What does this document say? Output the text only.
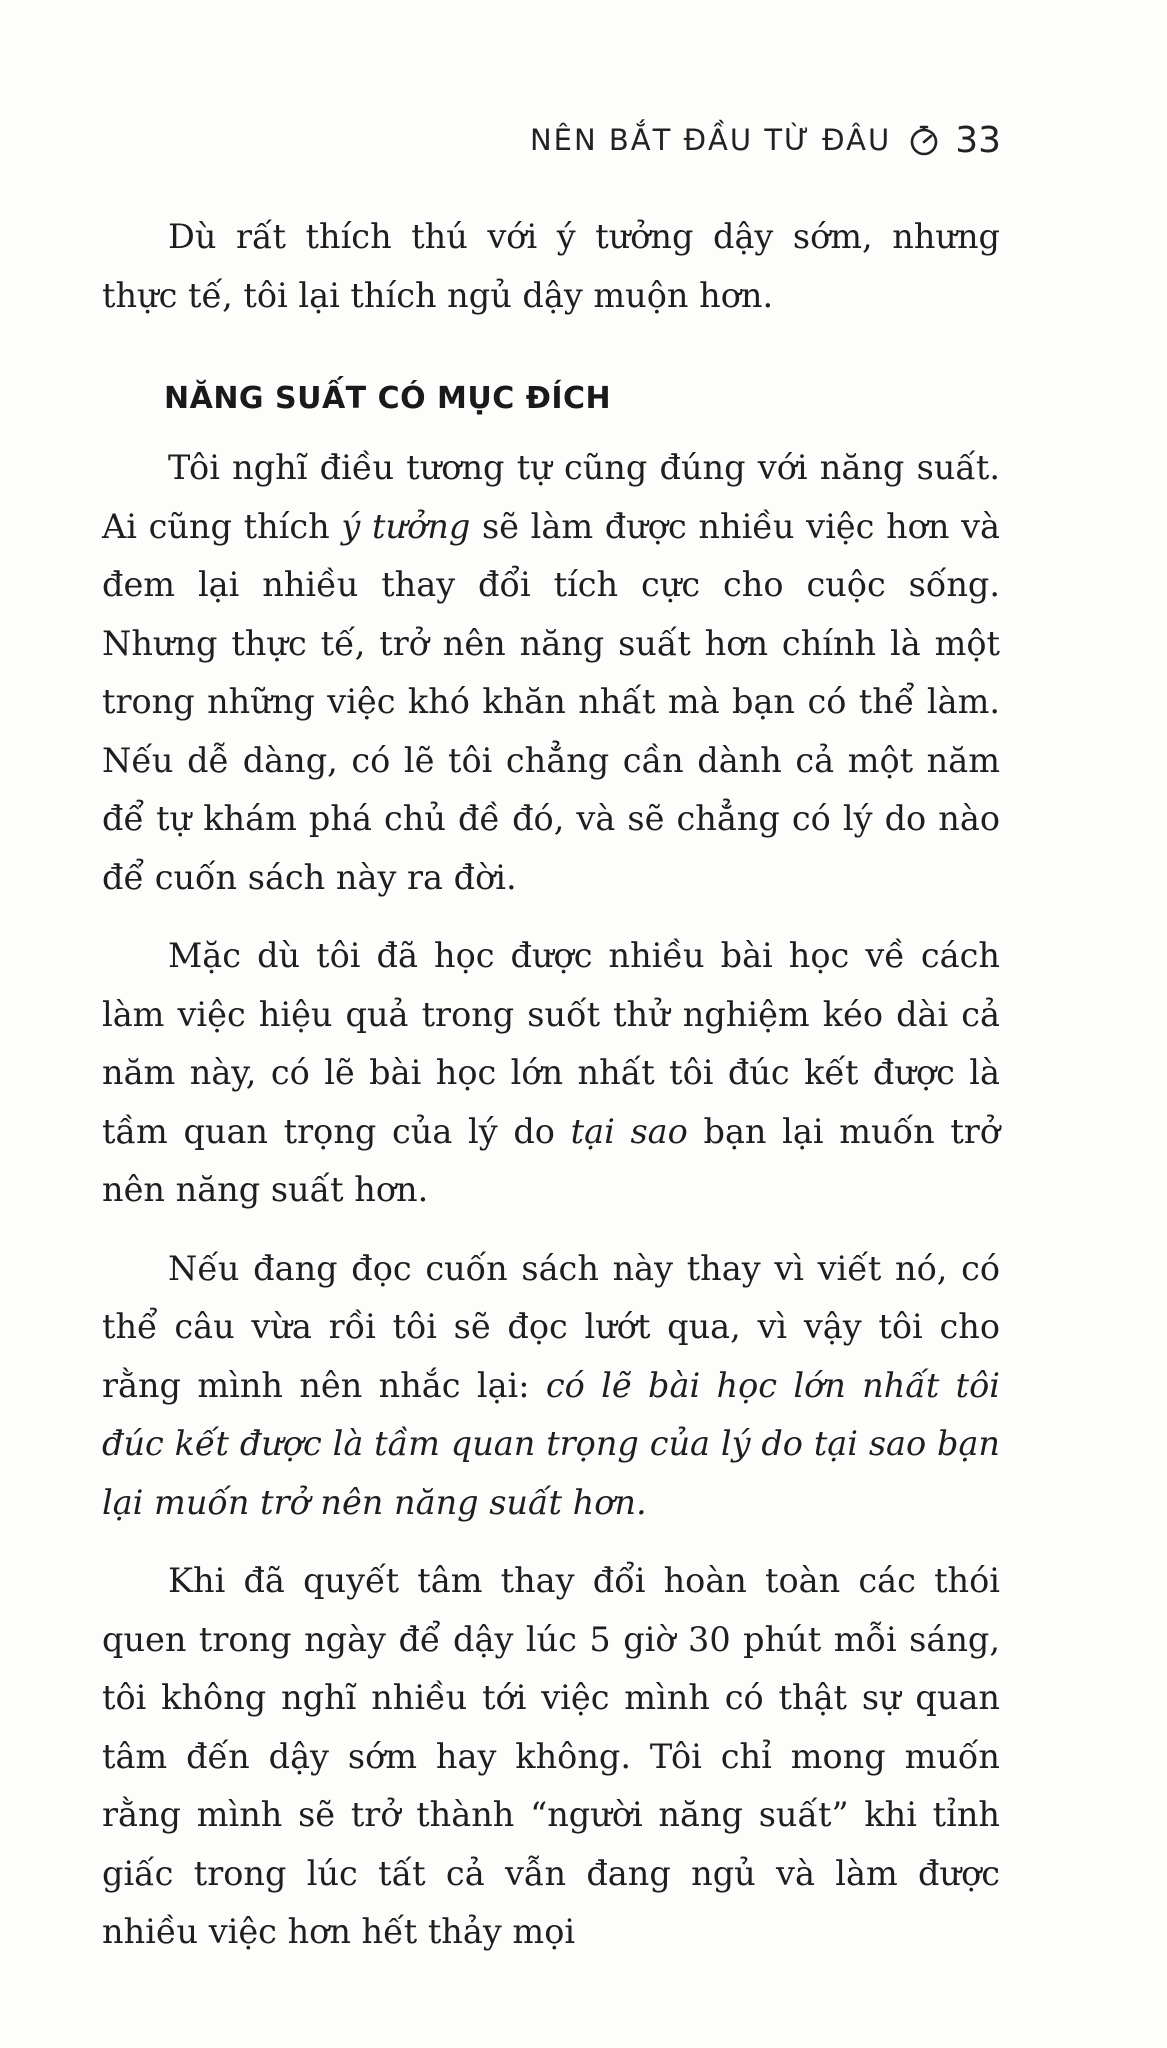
NÊN BẮT ĐẦU TỪ ĐÂU 33

Dù rất thích thú với ý tưởng dậy sớm, nhưng thực tế, tôi lại thích ngủ dậy muộn hơn.

NĂNG SUẤT CÓ MỤC ĐÍCH

Tôi nghĩ điều tương tự cũng đúng với năng suất. Ai cũng thích ý tưởng sẽ làm được nhiều việc hơn và đem lại nhiều thay đổi tích cực cho cuộc sống. Nhưng thực tế, trở nên năng suất hơn chính là một trong những việc khó khăn nhất mà bạn có thể làm. Nếu dễ dàng, có lẽ tôi chẳng cần dành cả một năm để tự khám phá chủ đề đó, và sẽ chẳng có lý do nào để cuốn sách này ra đời.

Mặc dù tôi đã học được nhiều bài học về cách làm việc hiệu quả trong suốt thử nghiệm kéo dài cả năm này, có lẽ bài học lớn nhất tôi đúc kết được là tầm quan trọng của lý do tại sao bạn lại muốn trở nên năng suất hơn.

Nếu đang đọc cuốn sách này thay vì viết nó, có thể câu vừa rồi tôi sẽ đọc lướt qua, vì vậy tôi cho rằng mình nên nhắc lại: có lẽ bài học lớn nhất tôi đúc kết được là tầm quan trọng của lý do tại sao bạn lại muốn trở nên năng suất hơn.

Khi đã quyết tâm thay đổi hoàn toàn các thói quen trong ngày để dậy lúc 5 giờ 30 phút mỗi sáng, tôi không nghĩ nhiều tới việc mình có thật sự quan tâm đến dậy sớm hay không. Tôi chỉ mong muốn rằng mình sẽ trở thành “người năng suất” khi tỉnh giấc trong lúc tất cả vẫn đang ngủ và làm được nhiều việc hơn hết thảy mọi
